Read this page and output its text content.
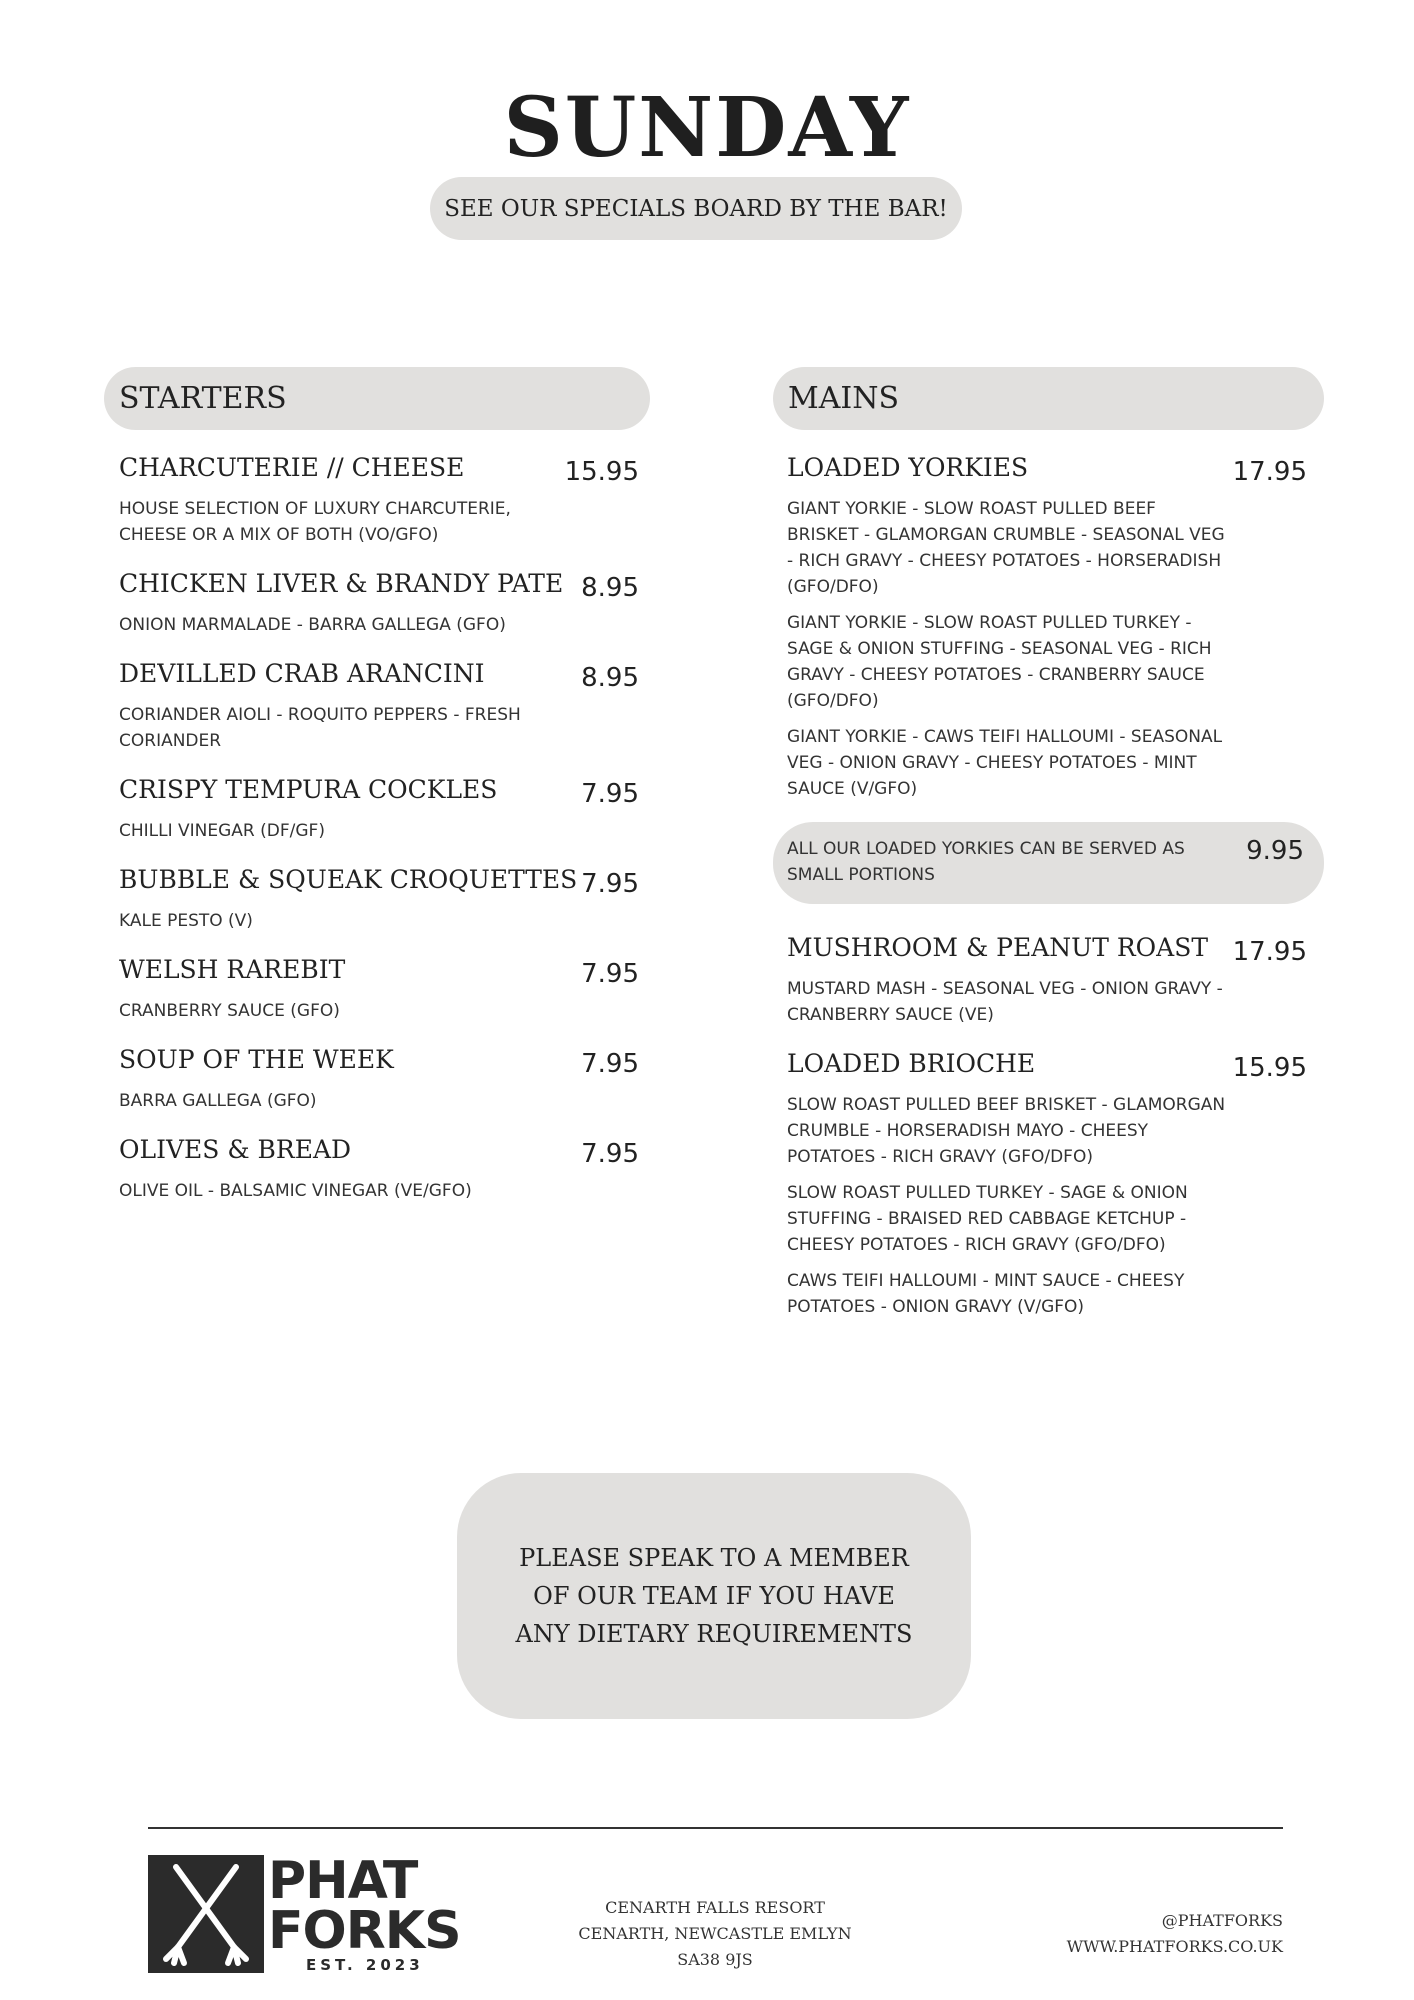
SUNDAY
SEE OUR SPECIALS BOARD BY THE BAR!
STARTERS
CHARCUTERIE // CHEESE	15.95
HOUSE SELECTION OF LUXURY CHARCUTERIE, CHEESE OR A MIX OF BOTH (VO/GFO)
CHICKEN LIVER & BRANDY PATE 8.95
ONION MARMALADE - BARRA GALLEGA (GFO)
DEVILLED CRAB ARANCINI	8.95
CORIANDER AIOLI - ROQUITO PEPPERS - FRESH CORIANDER
CRISPY TEMPURA COCKLES	7.95
CHILLI VINEGAR (DF/GF)
BUBBLE & SQUEAK CROQUETTES 7.95
KALE PESTO (V)
WELSH RAREBIT	7.95
CRANBERRY SAUCE (GFO)
SOUP OF THE WEEK	7.95
BARRA GALLEGA (GFO)
OLIVES & BREAD	7.95
OLIVE OIL - BALSAMIC VINEGAR (VE/GFO)
MAINS
LOADED YORKIES	17.95
GIANT YORKIE - SLOW ROAST PULLED BEEF BRISKET - GLAMORGAN CRUMBLE - SEASONAL VEG - RICH GRAVY - CHEESY POTATOES - HORSERADISH (GFO/DFO)
GIANT YORKIE - SLOW ROAST PULLED TURKEY - SAGE & ONION STUFFING - SEASONAL VEG - RICH GRAVY - CHEESY POTATOES - CRANBERRY SAUCE (GFO/DFO)
GIANT YORKIE - CAWS TEIFI HALLOUMI - SEASONAL VEG - ONION GRAVY - CHEESY POTATOES - MINT SAUCE (V/GFO)
ALL OUR LOADED YORKIES CAN BE SERVED AS SMALL PORTIONS
9.95
MUSHROOM & PEANUT ROAST 17.95
MUSTARD MASH - SEASONAL VEG - ONION GRAVY - CRANBERRY SAUCE (VE)
LOADED BRIOCHE	15.95
SLOW ROAST PULLED BEEF BRISKET - GLAMORGAN CRUMBLE - HORSERADISH MAYO - CHEESY POTATOES - RICH GRAVY (GFO/DFO)
SLOW ROAST PULLED TURKEY - SAGE & ONION STUFFING - BRAISED RED CABBAGE KETCHUP - CHEESY POTATOES - RICH GRAVY (GFO/DFO)
CAWS TEIFI HALLOUMI - MINT SAUCE - CHEESY POTATOES - ONION GRAVY (V/GFO)
PLEASE SPEAK TO A MEMBER OF OUR TEAM IF YOU HAVE ANY DIETARY REQUIREMENTS
PHAT
FORKS
EST. 2023
CENARTH FALLS RESORT
CENARTH, NEWCASTLE EMLYN
SA38 9JS
@PHATFORKS
WWW.PHATFORKS.CO.UK
